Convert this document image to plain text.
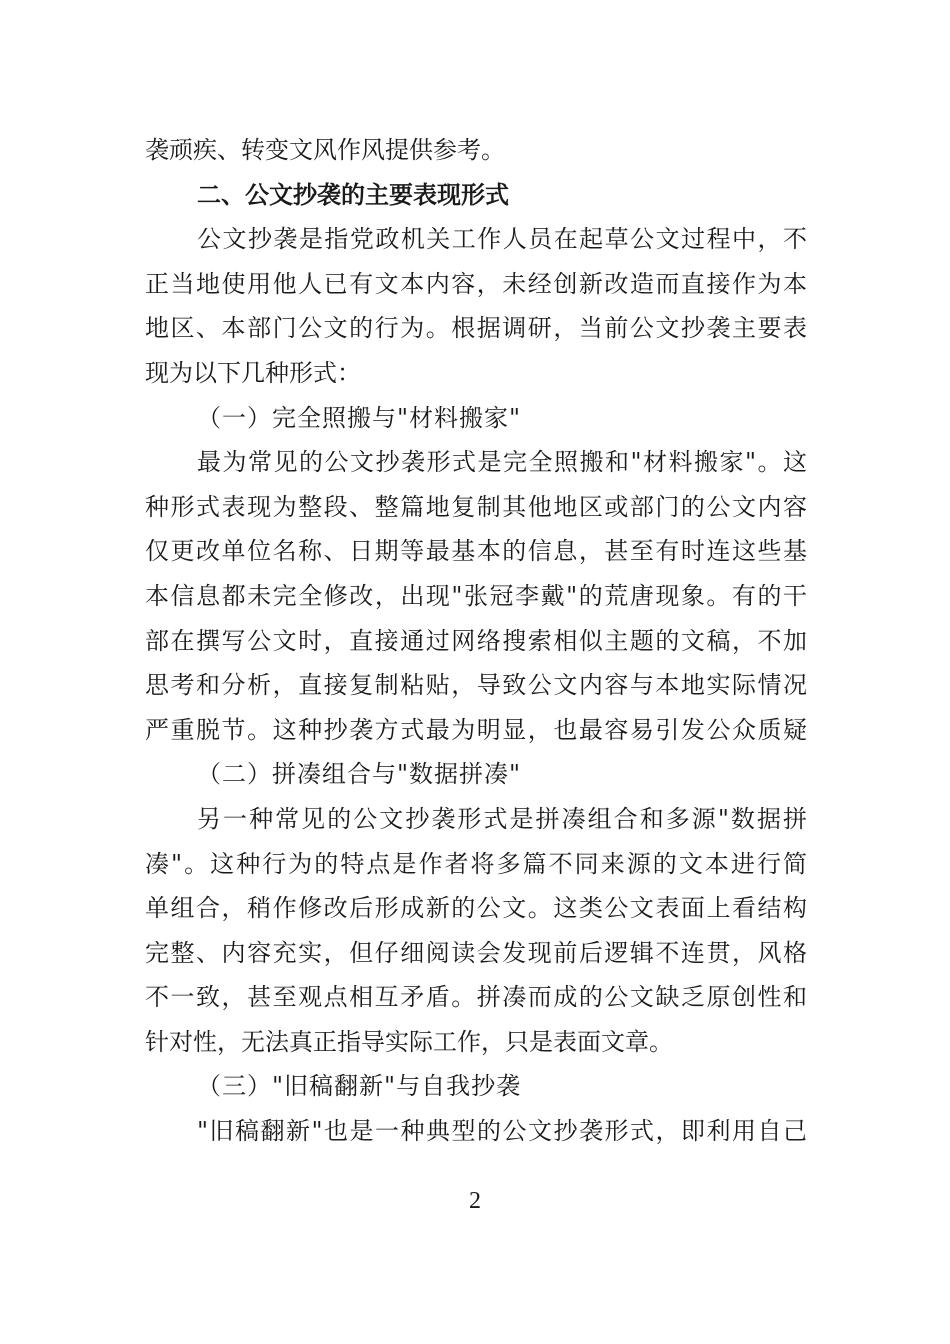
袭顽疾、转变文风作风提供参考。
二、公文抄袭的主要表现形式
公文抄袭是指党政机关工作人员在起草公文过程中，不
正当地使用他人已有文本内容，未经创新改造而直接作为本
地区、本部门公文的行为。根据调研，当前公文抄袭主要表
现为以下几种形式：
（一）完全照搬与"材料搬家"
最为常见的公文抄袭形式是完全照搬和"材料搬家"。这
种形式表现为整段、整篇地复制其他地区或部门的公文内容
仅更改单位名称、日期等最基本的信息，甚至有时连这些基
本信息都未完全修改，出现"张冠李戴"的荒唐现象。有的干
部在撰写公文时，直接通过网络搜索相似主题的文稿，不加
思考和分析，直接复制粘贴，导致公文内容与本地实际情况
严重脱节。这种抄袭方式最为明显，也最容易引发公众质疑
（二）拼凑组合与"数据拼凑"
另一种常见的公文抄袭形式是拼凑组合和多源"数据拼
凑"。这种行为的特点是作者将多篇不同来源的文本进行简
单组合，稍作修改后形成新的公文。这类公文表面上看结构
完整、内容充实，但仔细阅读会发现前后逻辑不连贯，风格
不一致，甚至观点相互矛盾。拼凑而成的公文缺乏原创性和
针对性，无法真正指导实际工作，只是表面文章。
（三）"旧稿翻新"与自我抄袭
"旧稿翻新"也是一种典型的公文抄袭形式，即利用自己
2
